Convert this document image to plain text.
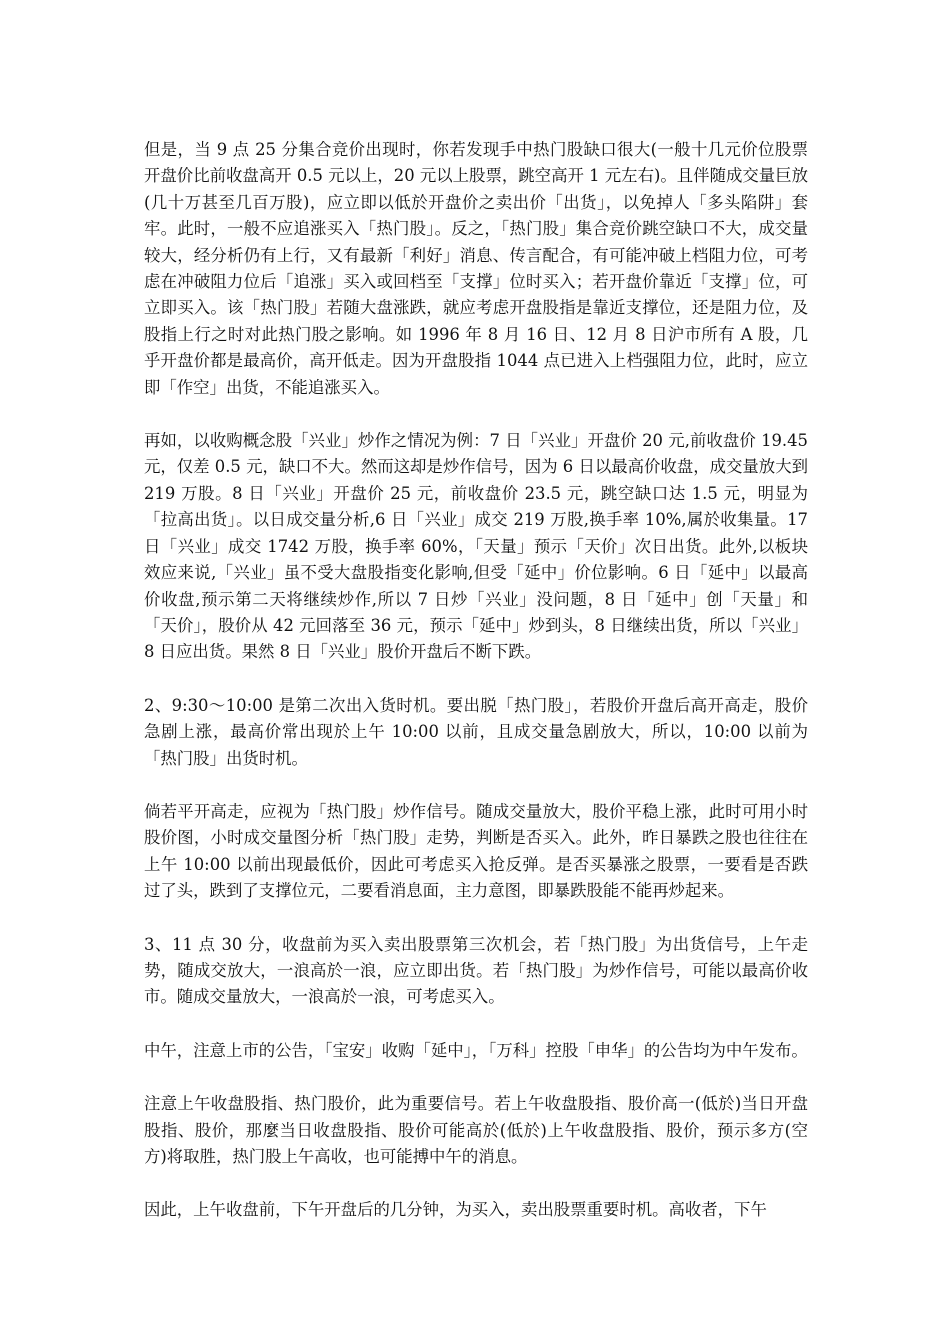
但是，当 9 点 25 分集合竞价出现时，你若发现手中热门股缺口很大(一般十几元价位股票开盘价比前收盘高开 0.5 元以上，20 元以上股票，跳空高开 1 元左右)。且伴随成交量巨放(几十万甚至几百万股)，应立即以低於开盘价之卖出价「出货」，以免掉人「多头陷阱」套牢。此时，一般不应追涨买入「热门股」。反之，「热门股」集合竞价跳空缺口不大，成交量较大，经分析仍有上行，又有最新「利好」消息、传言配合，有可能冲破上档阻力位，可考虑在冲破阻力位后「追涨」买入或回档至「支撑」位时买入；若开盘价靠近「支撑」位，可立即买入。该「热门股」若随大盘涨跌，就应考虑开盘股指是靠近支撑位，还是阻力位，及股指上行之时对此热门股之影响。如 1996 年 8 月 16 日、12 月 8 日沪市所有 A 股，几乎开盘价都是最高价，高开低走。因为开盘股指 1044 点已进入上档强阻力位，此时，应立即「作空」出货，不能追涨买入。

再如，以收购概念股「兴业」炒作之情况为例：7 日「兴业」开盘价 20 元,前收盘价 19.45 元，仅差 0.5 元，缺口不大。然而这却是炒作信号，因为 6 日以最高价收盘，成交量放大到 219 万股。8 日「兴业」开盘价 25 元，前收盘价 23.5 元，跳空缺口达 1.5 元，明显为「拉高出货」。以日成交量分析,6 日「兴业」成交 219 万股,换手率 10%,属於收集量。17 日「兴业」成交 1742 万股，换手率 60%，「天量」预示「天价」次日出货。此外,以板块效应来说,「兴业」虽不受大盘股指变化影响,但受「延中」价位影响。6 日「延中」以最高价收盘,预示第二天将继续炒作,所以 7 日炒「兴业」没问题，8 日「延中」创「天量」和「天价」，股价从 42 元回落至 36 元，预示「延中」炒到头，8 日继续出货，所以「兴业」8 日应出货。果然 8 日「兴业」股价开盘后不断下跌。

2、9:30～10:00 是第二次出入货时机。要出脱「热门股」，若股价开盘后高开高走，股价急剧上涨，最高价常出现於上午 10:00 以前，且成交量急剧放大，所以，10:00 以前为「热门股」出货时机。

倘若平开高走，应视为「热门股」炒作信号。随成交量放大，股价平稳上涨，此时可用小时股价图，小时成交量图分析「热门股」走势，判断是否买入。此外，昨日暴跌之股也往往在上午 10:00 以前出现最低价，因此可考虑买入抢反弹。是否买暴涨之股票，一要看是否跌过了头，跌到了支撑位元，二要看消息面，主力意图，即暴跌股能不能再炒起来。

3、11 点 30 分，收盘前为买入卖出股票第三次机会，若「热门股」为出货信号，上午走势，随成交放大，一浪高於一浪，应立即出货。若「热门股」为炒作信号，可能以最高价收市。随成交量放大，一浪高於一浪，可考虑买入。

中午，注意上市的公告，「宝安」收购「延中」，「万科」控股「申华」的公告均为中午发布。

注意上午收盘股指、热门股价，此为重要信号。若上午收盘股指、股价高一(低於)当日开盘股指、股价，那麼当日收盘股指、股价可能高於(低於)上午收盘股指、股价，预示多方(空方)将取胜，热门股上午高收，也可能搏中午的消息。

因此，上午收盘前，下午开盘后的几分钟，为买入，卖出股票重要时机。高收者，下午
